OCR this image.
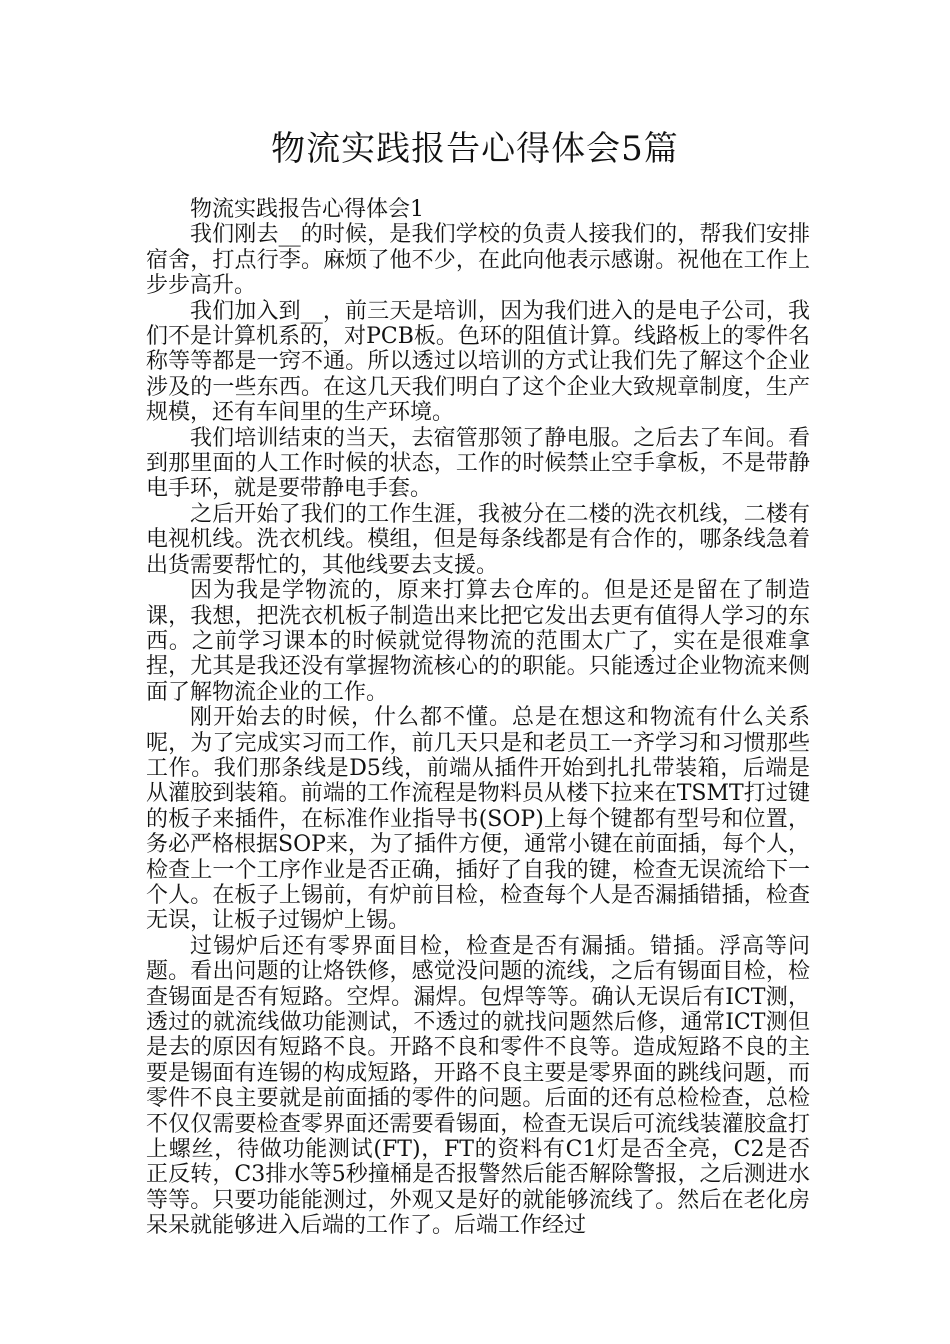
物流实践报告心得体会5篇

物流实践报告心得体会1

我们刚去__的时候，是我们学校的负责人接我们的，帮我们安排宿舍，打点行李。麻烦了他不少，在此向他表示感谢。祝他在工作上步步高升。

我们加入到__，前三天是培训，因为我们进入的是电子公司，我们不是计算机系的，对PCB板。色环的阻值计算。线路板上的零件名称等等都是一窍不通。所以透过以培训的方式让我们先了解这个企业涉及的一些东西。在这几天我们明白了这个企业大致规章制度，生产规模，还有车间里的生产环境。

我们培训结束的当天，去宿管那领了静电服。之后去了车间。看到那里面的人工作时候的状态，工作的时候禁止空手拿板，不是带静电手环，就是要带静电手套。

之后开始了我们的工作生涯，我被分在二楼的洗衣机线，二楼有电视机线。洗衣机线。模组，但是每条线都是有合作的，哪条线急着出货需要帮忙的，其他线要去支援。

因为我是学物流的，原来打算去仓库的。但是还是留在了制造课，我想，把洗衣机板子制造出来比把它发出去更有值得人学习的东西。之前学习课本的时候就觉得物流的范围太广了，实在是很难拿捏，尤其是我还没有掌握物流核心的的职能。只能透过企业物流来侧面了解物流企业的工作。

刚开始去的时候，什么都不懂。总是在想这和物流有什么关系呢，为了完成实习而工作，前几天只是和老员工一齐学习和习惯那些工作。我们那条线是D5线，前端从插件开始到扎扎带装箱，后端是从灌胶到装箱。前端的工作流程是物料员从楼下拉来在TSMT打过键的板子来插件，在标准作业指导书(SOP)上每个键都有型号和位置，务必严格根据SOP来，为了插件方便，通常小键在前面插，每个人，检查上一个工序作业是否正确，插好了自我的键，检查无误流给下一个人。在板子上锡前，有炉前目检，检查每个人是否漏插错插，检查无误，让板子过锡炉上锡。

过锡炉后还有零界面目检，检查是否有漏插。错插。浮高等问题。看出问题的让烙铁修，感觉没问题的流线，之后有锡面目检，检查锡面是否有短路。空焊。漏焊。包焊等等。确认无误后有ICT测，透过的就流线做功能测试，不透过的就找问题然后修，通常ICT测但是去的原因有短路不良。开路不良和零件不良等。造成短路不良的主要是锡面有连锡的构成短路，开路不良主要是零界面的跳线问题，而零件不良主要就是前面插的零件的问题。后面的还有总检检查，总检不仅仅需要检查零界面还需要看锡面，检查无误后可流线装灌胶盒打上螺丝，待做功能测试(FT)，FT的资料有C1灯是否全亮，C2是否正反转，C3排水等5秒撞桶是否报警然后能否解除警报，之后测进水等等。只要功能能测过，外观又是好的就能够流线了。然后在老化房呆呆就能够进入后端的工作了。后端工作经过
